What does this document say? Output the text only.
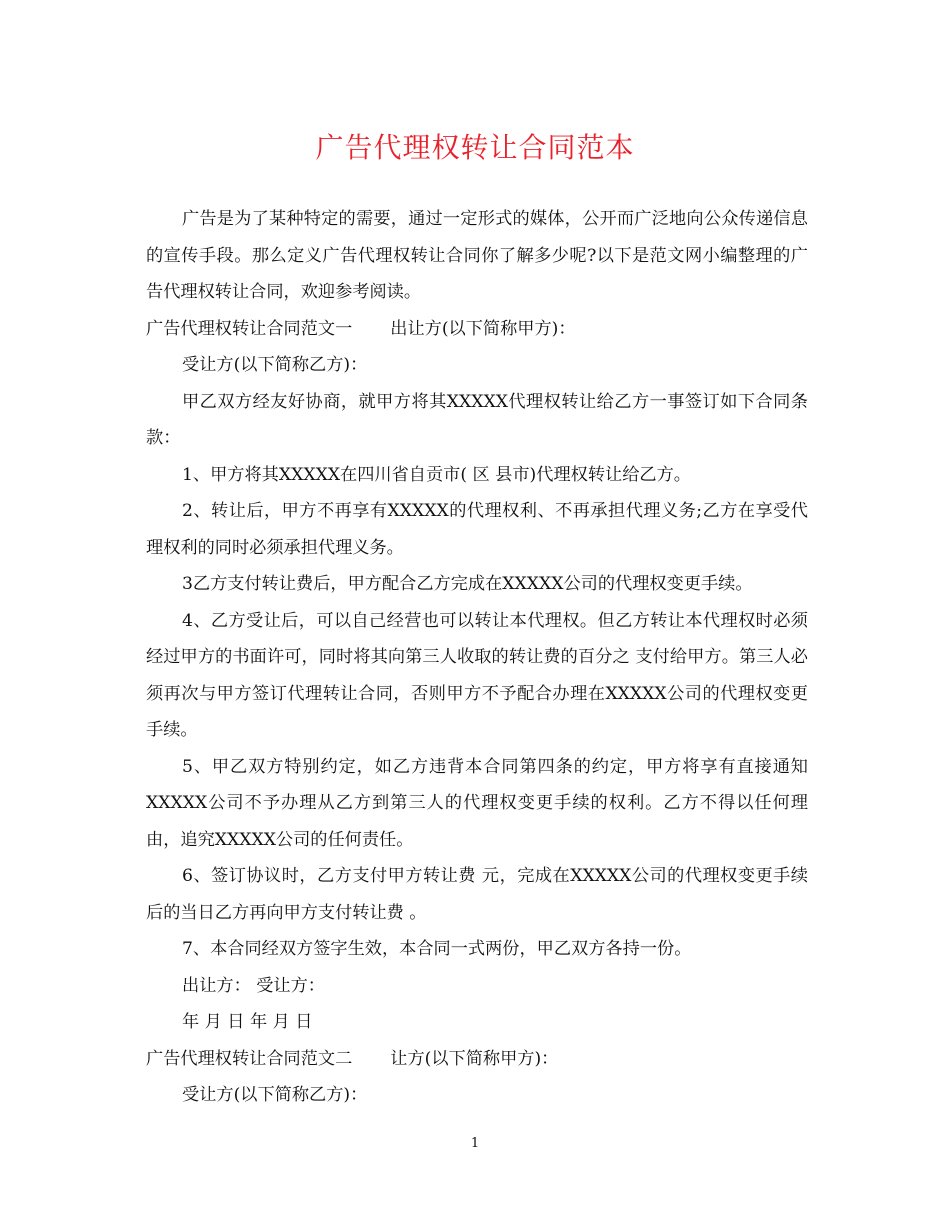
广告代理权转让合同范本

广告是为了某种特定的需要，通过一定形式的媒体，公开而广泛地向公众传递信息的宣传手段。那么定义广告代理权转让合同你了解多少呢?以下是范文网小编整理的广告代理权转让合同，欢迎参考阅读。

广告代理权转让合同范文一 出让方(以下简称甲方)：

受让方(以下简称乙方)：

甲乙双方经友好协商，就甲方将其XXXXX代理权转让给乙方一事签订如下合同条款：

1、甲方将其XXXXX在四川省自贡市( 区 县市)代理权转让给乙方。

2、转让后，甲方不再享有XXXXX的代理权利、不再承担代理义务;乙方在享受代理权利的同时必须承担代理义务。

3乙方支付转让费后，甲方配合乙方完成在XXXXX公司的代理权变更手续。

4、乙方受让后，可以自己经营也可以转让本代理权。但乙方转让本代理权时必须经过甲方的书面许可，同时将其向第三人收取的转让费的百分之 支付给甲方。第三人必须再次与甲方签订代理转让合同，否则甲方不予配合办理在XXXXX公司的代理权变更手续。

5、甲乙双方特别约定，如乙方违背本合同第四条的约定，甲方将享有直接通知XXXXX公司不予办理从乙方到第三人的代理权变更手续的权利。乙方不得以任何理由，追究XXXXX公司的任何责任。

6、签订协议时，乙方支付甲方转让费 元，完成在XXXXX公司的代理权变更手续后的当日乙方再向甲方支付转让费 。

7、本合同经双方签字生效，本合同一式两份，甲乙双方各持一份。

出让方： 受让方：

年 月 日 年 月 日

广告代理权转让合同范文二 让方(以下简称甲方)：

受让方(以下简称乙方)：

1
